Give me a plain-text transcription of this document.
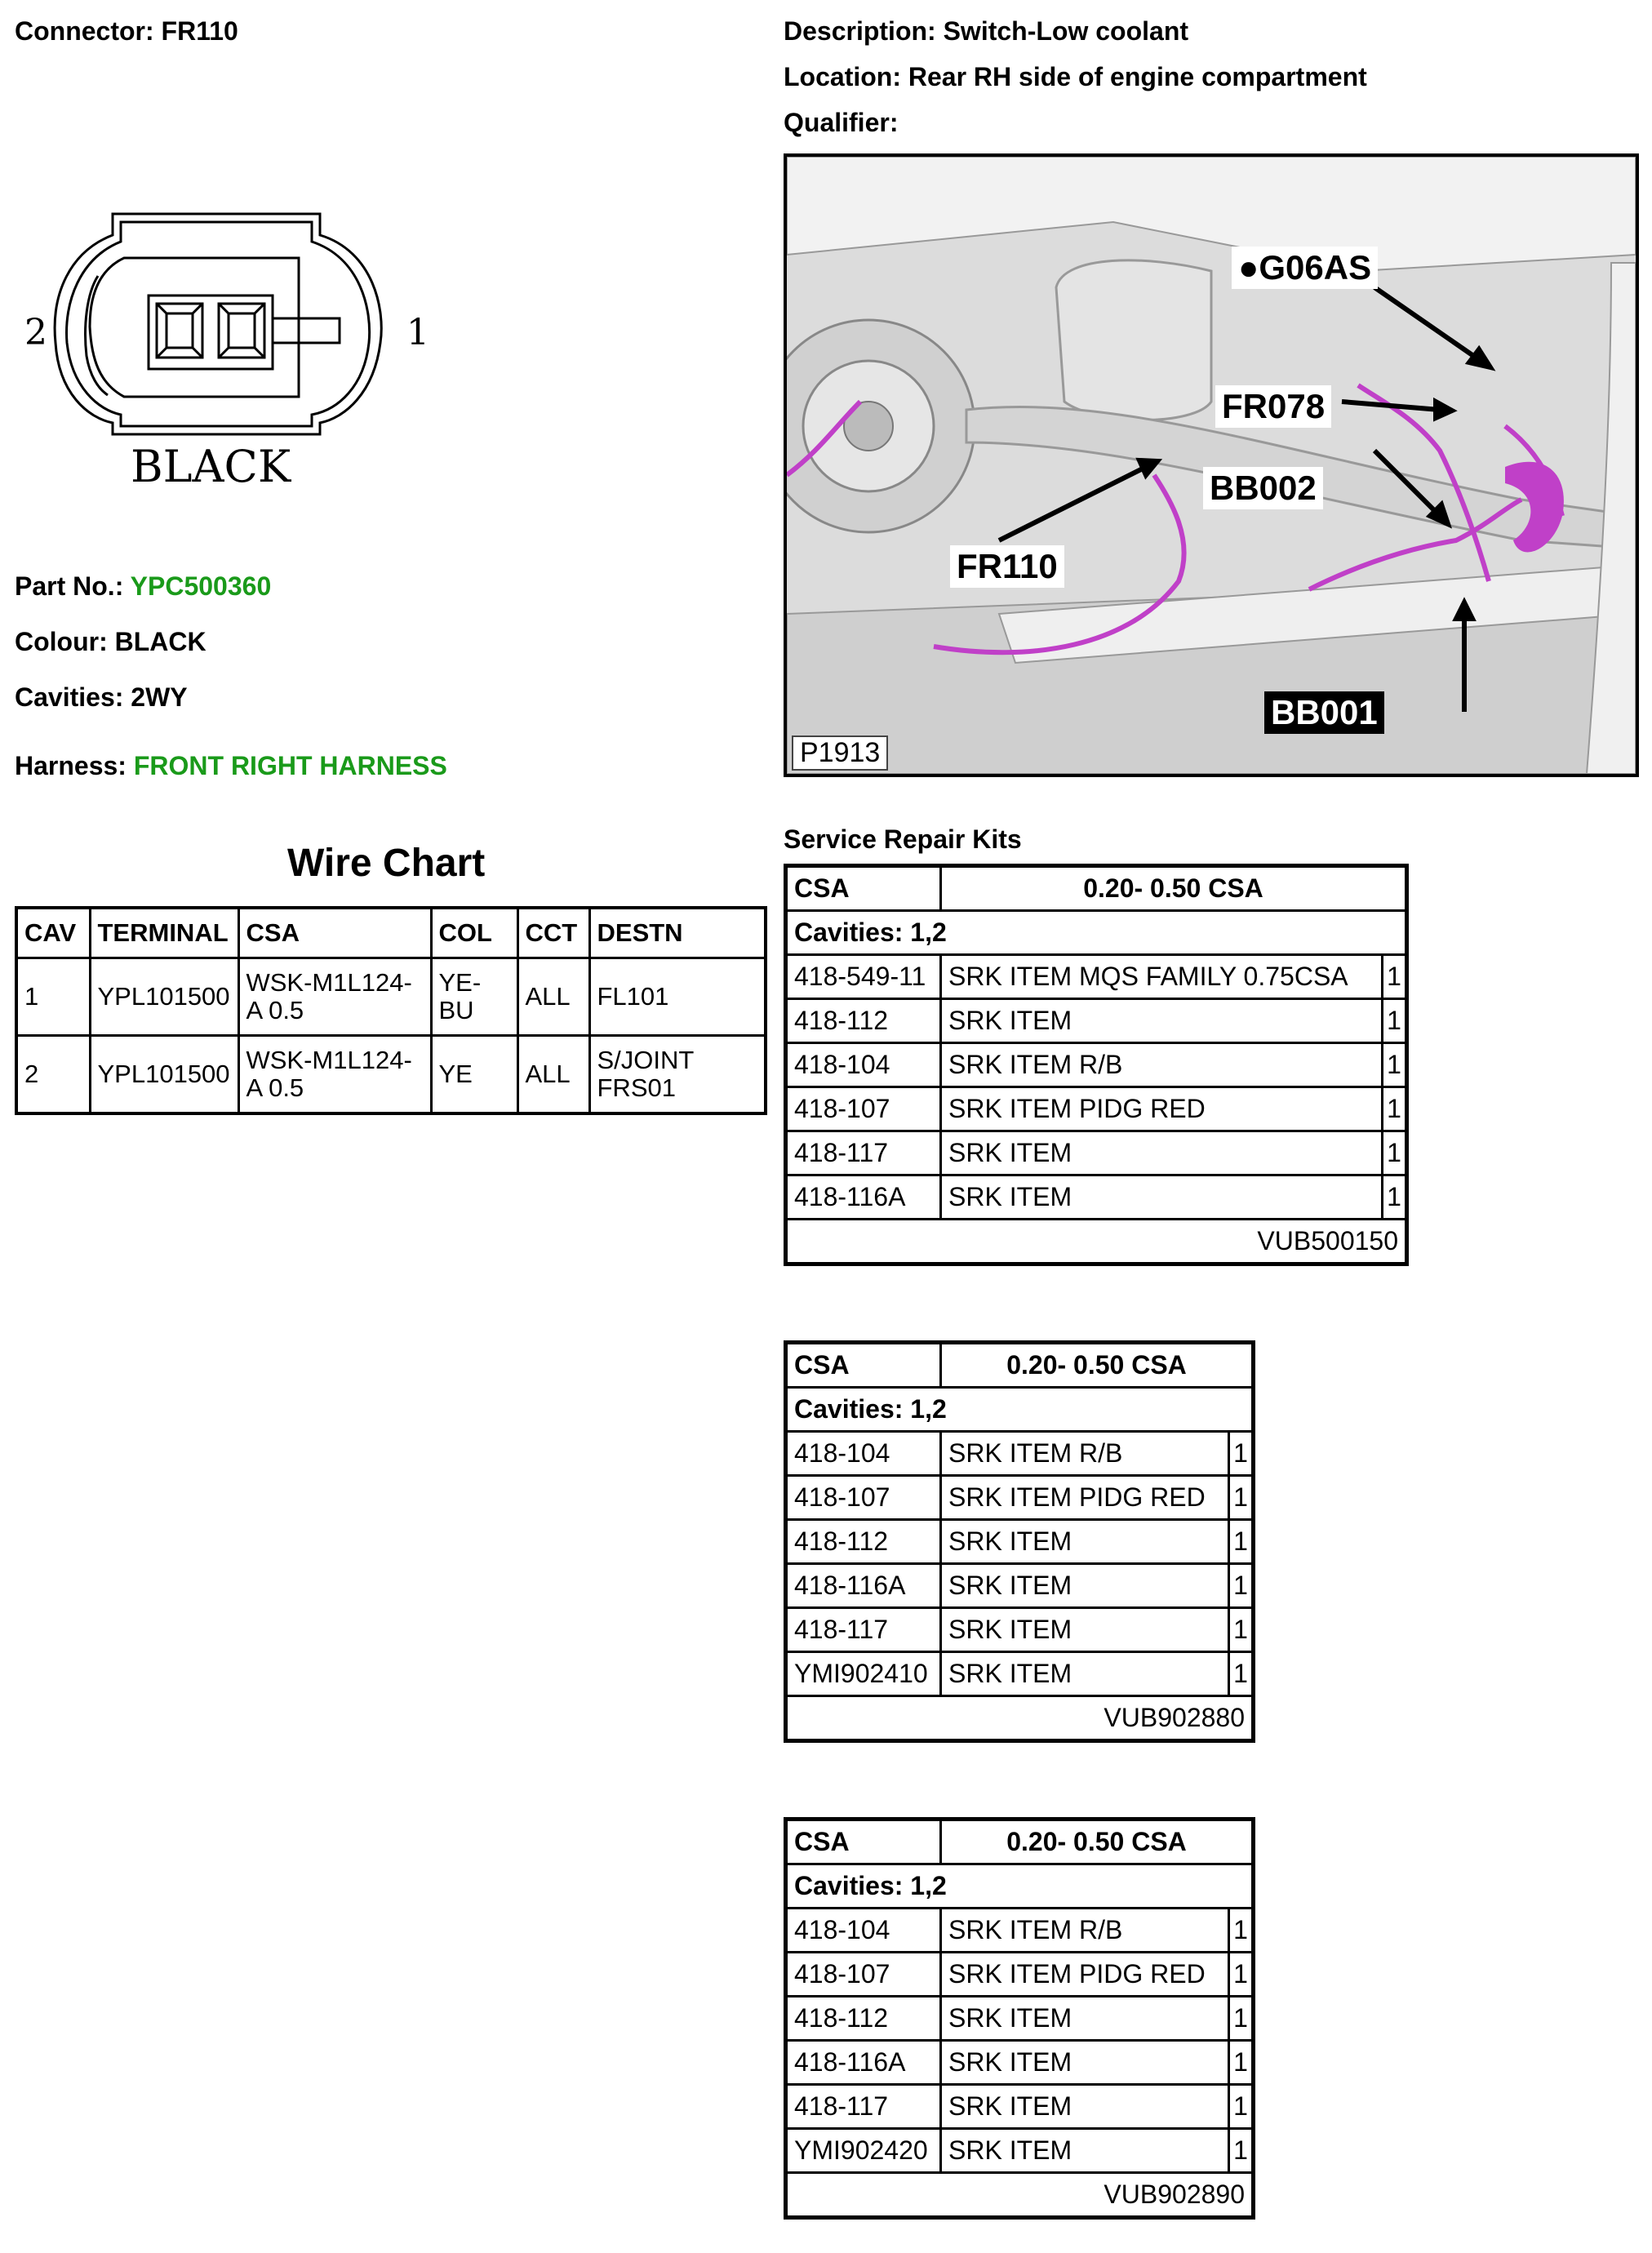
Connector: FR110	Description: Switch-Low coolant
Location: Rear RH side of engine compartment
Qualifier:
2	1
BLACK
Part No.: YPC500360
Colour: BLACK
Cavities: 2WY
Harness: FRONT RIGHT HARNESS
●G06AS
FR078
BB002
FR110
BB001
P1913
Wire Chart
CAV	TERMINAL	CSA	COL	CCT	DESTN
1	YPL101500	WSK-M1L124-A 0.5	YE-BU	ALL	FL101
2	YPL101500	WSK-M1L124-A 0.5	YE	ALL	S/JOINT FRS01
Service Repair Kits
CSA	0.20- 0.50 CSA	
Cavities: 1,2		
418-549-11	SRK ITEM MQS FAMILY 0.75CSA	1
418-112	SRK ITEM	1
418-104	SRK ITEM R/B	1
418-107	SRK ITEM PIDG RED	1
418-117	SRK ITEM	1
418-116A	SRK ITEM	1
VUB500150		
CSA	0.20- 0.50 CSA	
Cavities: 1,2		
418-104	SRK ITEM R/B	1
418-107	SRK ITEM PIDG RED	1
418-112	SRK ITEM	1
418-116A	SRK ITEM	1
418-117	SRK ITEM	1
YMI902410	SRK ITEM	1
VUB902880		
CSA	0.20- 0.50 CSA	
Cavities: 1,2		
418-104	SRK ITEM R/B	1
418-107	SRK ITEM PIDG RED	1
418-112	SRK ITEM	1
418-116A	SRK ITEM	1
418-117	SRK ITEM	1
YMI902420	SRK ITEM	1
VUB902890		
